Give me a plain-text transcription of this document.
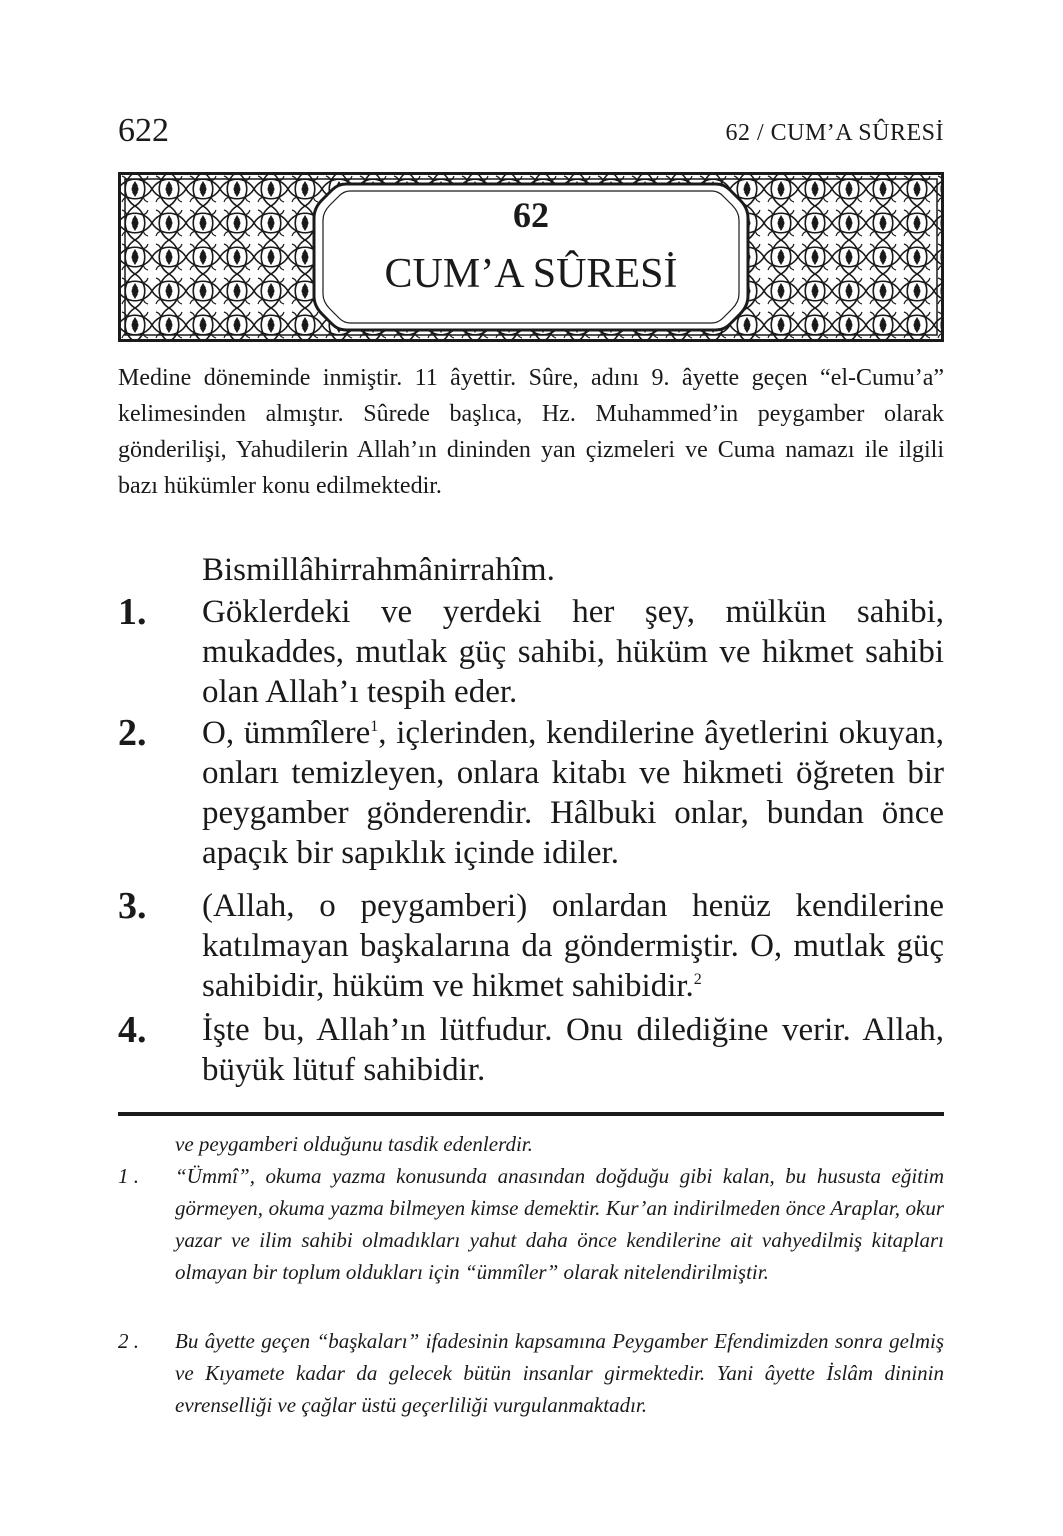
622	62 / CUM’A SÛRESİ
62
CUM’A SÛRESİ
Medine döneminde inmiştir. 11 âyettir. Sûre, adını 9. âyette geçen “el-Cumu’a” kelimesinden almıştır. Sûrede başlıca, Hz. Muhammed’in peygamber olarak gönderilişi, Yahudilerin Allah’ın dininden yan çizmeleri ve Cuma namazı ile ilgili bazı hükümler konu edilmektedir.
Bismillâhirrahmânirrahîm.
1. Göklerdeki ve yerdeki her şey, mülkün sahibi, mukaddes, mutlak güç sahibi, hüküm ve hikmet sahibi olan Allah’ı tespih eder.
2. O, ümmîlere$^1$, içlerinden, kendilerine âyetlerini okuyan, onları temizleyen, onlara kitabı ve hikmeti öğreten bir peygamber gönderendir. Hâlbuki onlar, bundan önce apaçık bir sapıklık içinde idiler.
3. (Allah, o peygamberi) onlardan henüz kendilerine katılmayan başkalarına da göndermiştir. O, mutlak güç sahibidir, hüküm ve hikmet sahibidir.$^2$
4. İşte bu, Allah’ın lütfudur. Onu dilediğine verir. Allah, büyük lütuf sahibidir.
ve peygamberi olduğunu tasdik edenlerdir.
1 . “Ümmî”, okuma yazma konusunda anasından doğduğu gibi kalan, bu hususta eğitim görmeyen, okuma yazma bilmeyen kimse demektir. Kur’an indirilmeden önce Araplar, okur yazar ve ilim sahibi olmadıkları yahut daha önce kendilerine ait vahyedilmiş kitapları olmayan bir toplum oldukları için “ümmîler” olarak nitelendirilmiştir.
2 . Bu âyette geçen “başkaları” ifadesinin kapsamına Peygamber Efendimizden sonra gelmiş ve Kıyamete kadar da gelecek bütün insanlar girmektedir. Yani âyette İslâm dininin evrenselliği ve çağlar üstü geçerliliği vurgulanmaktadır.
